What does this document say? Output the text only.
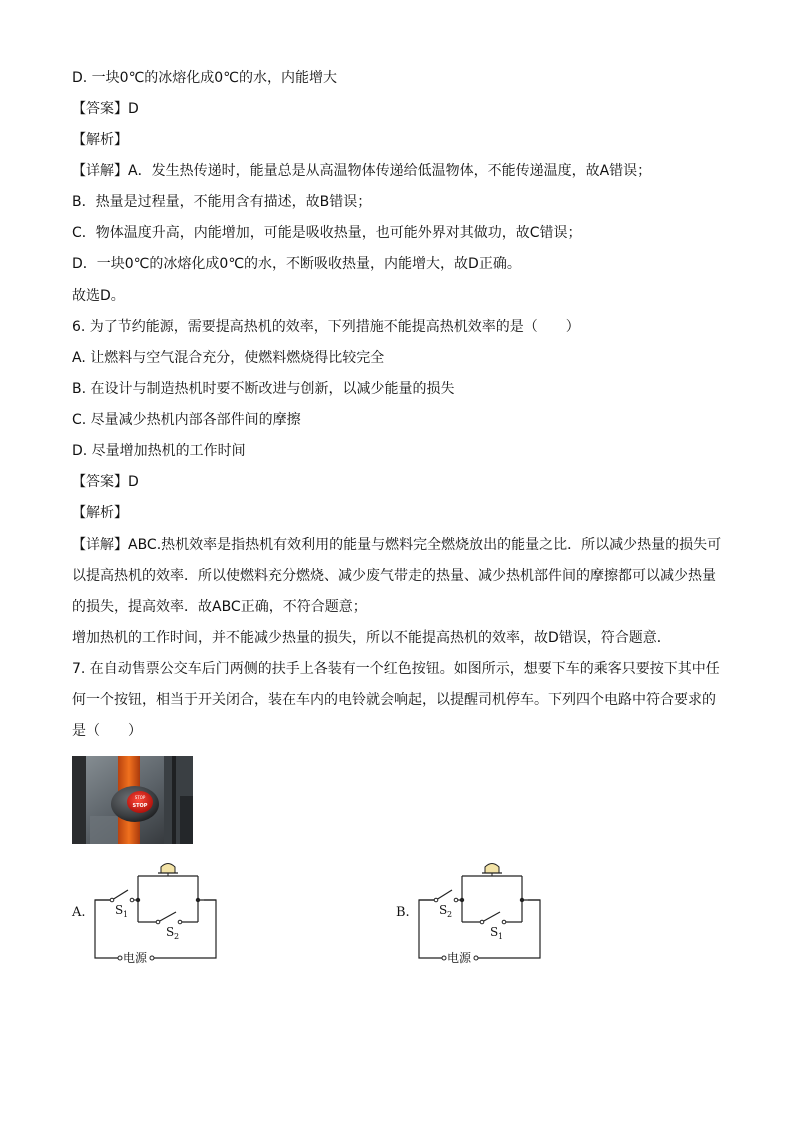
D. 一块0℃的冰熔化成0℃的水，内能增大
【答案】D
【解析】
【详解】A．发生热传递时，能量总是从高温物体传递给低温物体，不能传递温度，故A错误；
B．热量是过程量，不能用含有描述，故B错误；
C．物体温度升高，内能增加，可能是吸收热量，也可能外界对其做功，故C错误；
D．一块0℃的冰熔化成0℃的水，不断吸收热量，内能增大，故D正确。
故选D。
6. 为了节约能源，需要提高热机的效率，下列措施不能提高热机效率的是（　　）
A. 让燃料与空气混合充分，使燃料燃烧得比较完全
B. 在设计与制造热机时要不断改进与创新，以减少能量的损失
C. 尽量减少热机内部各部件间的摩擦
D. 尽量增加热机的工作时间
【答案】D
【解析】
【详解】ABC.热机效率是指热机有效利用的能量与燃料完全燃烧放出的能量之比．所以减少热量的损失可
以提高热机的效率．所以使燃料充分燃烧、减少废气带走的热量、减少热机部件间的摩擦都可以减少热量
的损失，提高效率．故ABC正确，不符合题意；
增加热机的工作时间，并不能减少热量的损失，所以不能提高热机的效率，故D错误，符合题意．
7. 在自动售票公交车后门两侧的扶手上各装有一个红色按钮。如图所示，想要下车的乘客只要按下其中任
何一个按钮，相当于开关闭合，装在车内的电铃就会响起，以提醒司机停车。下列四个电路中符合要求的
是（　　）
STOP
STOP
A.
电源
S 1
S 2
B.
电源
S 2
S 1
